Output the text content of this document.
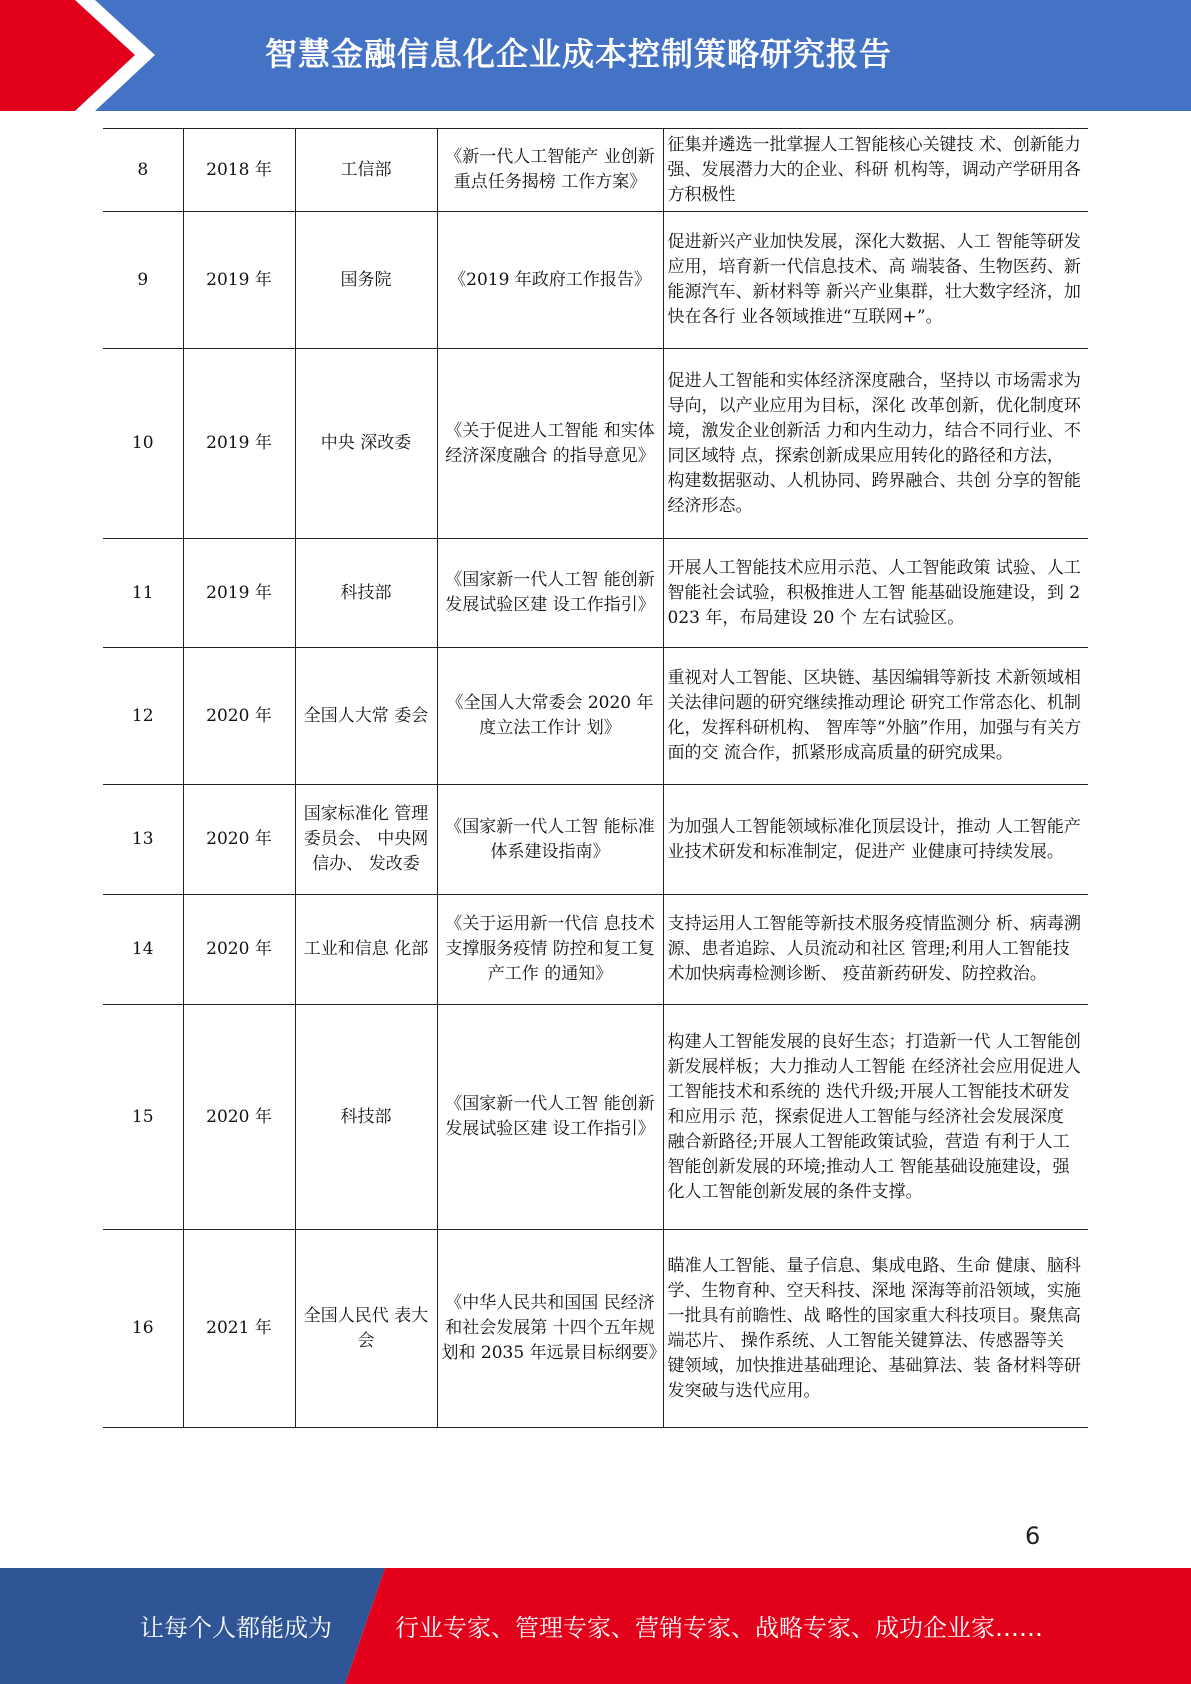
智慧金融信息化企业成本控制策略研究报告
8	2018 年	工信部	《新一代人工智能产 业创新重点任务揭榜 工作方案》	征集并遴选一批掌握人工智能核心关键技 术、创新能力强、发展潜力大的企业、科研 机构等，调动产学研用各方积极性
9	2019 年	国务院	《2019 年政府工作报告》	促进新兴产业加快发展，深化大数据、人工 智能等研发应用，培育新一代信息技术、高 端装备、生物医药、新能源汽车、新材料等 新兴产业集群，壮大数字经济，加快在各行 业各领域推进“互联网+”。
10	2019 年	中央 深改委	《关于促进人工智能 和实体经济深度融合 的指导意见》	促进人工智能和实体经济深度融合，坚持以 市场需求为导向，以产业应用为目标，深化 改革创新，优化制度环境，激发企业创新活 力和内生动力，结合不同行业、不同区域特 点，探索创新成果应用转化的路径和方法， 构建数据驱动、人机协同、跨界融合、共创 分享的智能经济形态。
11	2019 年	科技部	《国家新一代人工智 能创新发展试验区建 设工作指引》	开展人工智能技术应用示范、人工智能政策 试验、人工智能社会试验，积极推进人工智 能基础设施建设，到 2023 年，布局建设 20 个 左右试验区。
12	2020 年	全国人大常 委会	《全国人大常委会 2020 年度立法工作计 划》	重视对人工智能、区块链、基因编辑等新技 术新领域相关法律问题的研究继续推动理论 研究工作常态化、机制化，发挥科研机构、 智库等“外脑”作用，加强与有关方面的交 流合作，抓紧形成高质量的研究成果。
13	2020 年	国家标准化 管理委员会、 中央网信办、 发改委	《国家新一代人工智 能标准体系建设指南》	为加强人工智能领域标准化顶层设计，推动 人工智能产业技术研发和标准制定，促进产 业健康可持续发展。
14	2020 年	工业和信息 化部	《关于运用新一代信 息技术支撑服务疫情 防控和复工复产工作 的通知》	支持运用人工智能等新技术服务疫情监测分 析、病毒溯源、患者追踪、人员流动和社区 管理;利用人工智能技术加快病毒检测诊断、 疫苗新药研发、防控救治。
15	2020 年	科技部	《国家新一代人工智 能创新发展试验区建 设工作指引》	构建人工智能发展的良好生态；打造新一代 人工智能创新发展样板；大力推动人工智能 在经济社会应用促进人工智能技术和系统的 迭代升级;开展人工智能技术研发和应用示 范，探索促进人工智能与经济社会发展深度 融合新路径;开展人工智能政策试验，营造 有利于人工智能创新发展的环境;推动人工 智能基础设施建设，强化人工智能创新发展的条件支撑。
16	2021 年	全国人民代 表大会	《中华人民共和国国 民经济和社会发展第 十四个五年规划和 2035 年远景目标纲要》	瞄准人工智能、量子信息、集成电路、生命 健康、脑科学、生物育种、空天科技、深地 深海等前沿领域，实施一批具有前瞻性、战 略性的国家重大科技项目。聚焦高端芯片、 操作系统、人工智能关键算法、传感器等关 键领域，加快推进基础理论、基础算法、装 备材料等研发突破与迭代应用。
6
让每个人都能成为	行业专家、管理专家、营销专家、战略专家、成功企业家……
